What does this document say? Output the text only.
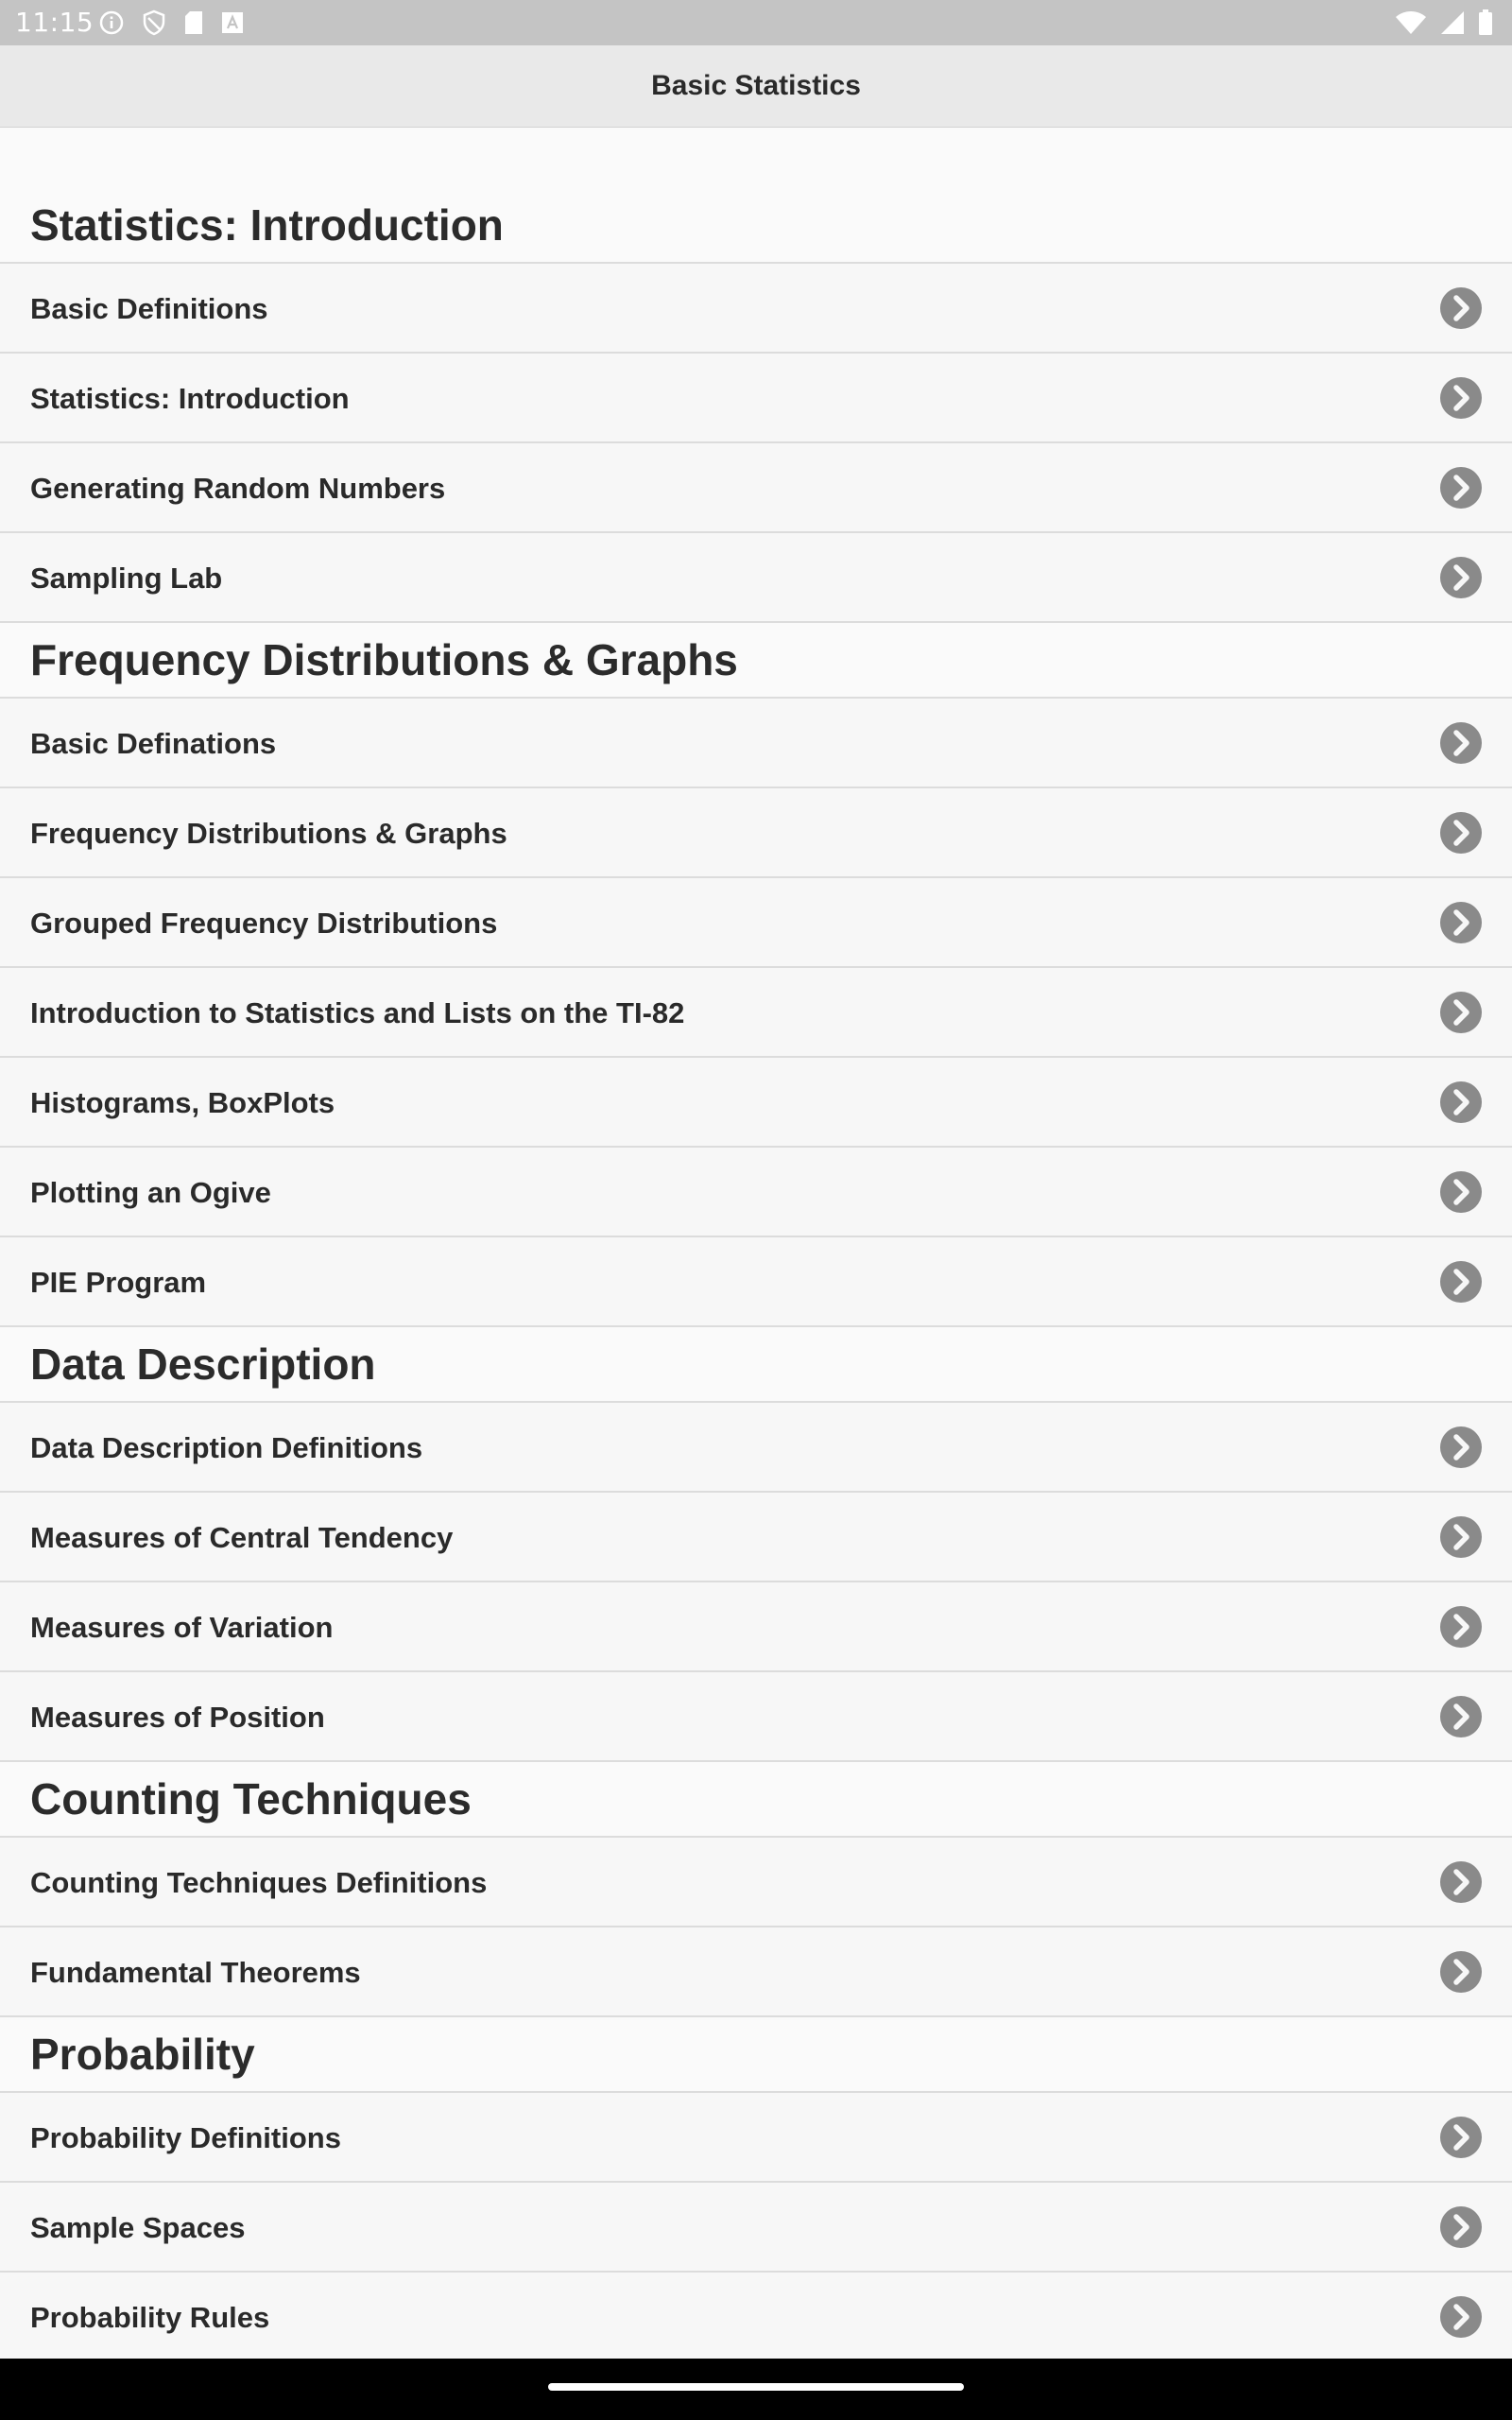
11:15
Basic Statistics
Statistics: Introduction
Basic Definitions
Statistics: Introduction
Generating Random Numbers
Sampling Lab
Frequency Distributions & Graphs
Basic Definations
Frequency Distributions & Graphs
Grouped Frequency Distributions
Introduction to Statistics and Lists on the TI-82
Histograms, BoxPlots
Plotting an Ogive
PIE Program
Data Description
Data Description Definitions
Measures of Central Tendency
Measures of Variation
Measures of Position
Counting Techniques
Counting Techniques Definitions
Fundamental Theorems
Probability
Probability Definitions
Sample Spaces
Probability Rules
